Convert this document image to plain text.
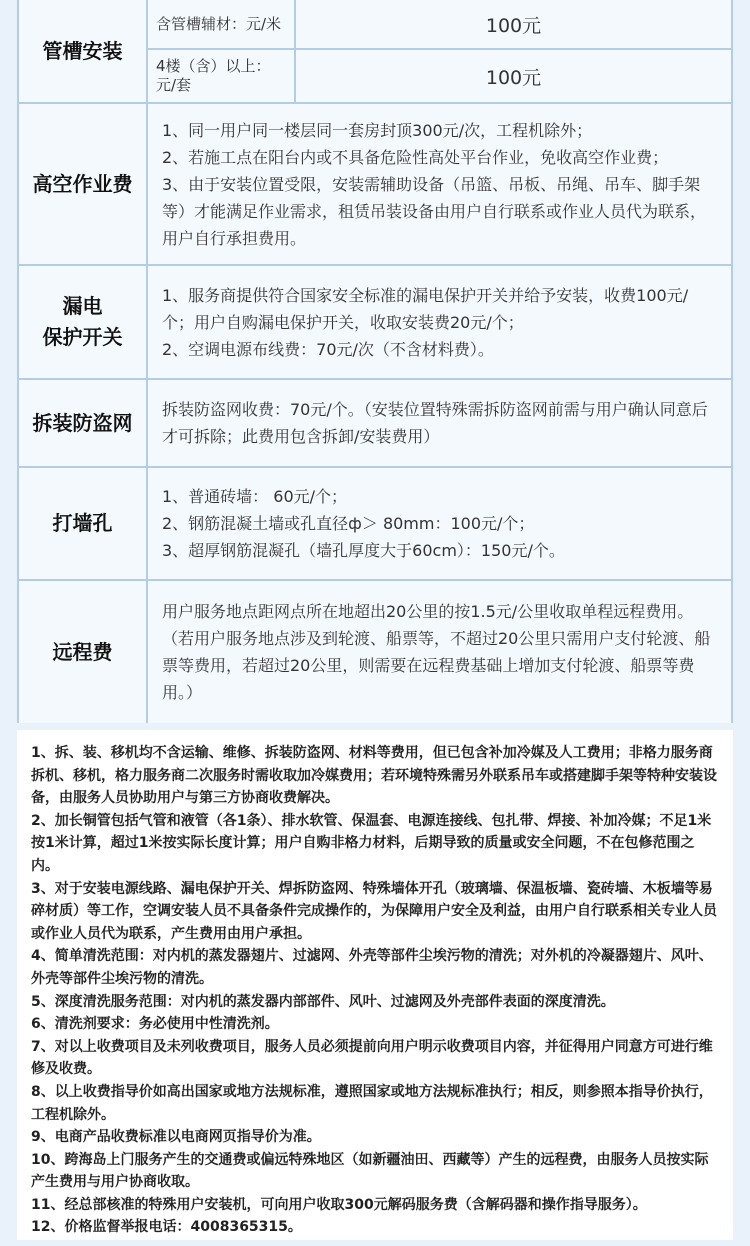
管槽安装
含管槽辅材：元/米	100元
4楼（含）以上：元/套	100元
高空作业费
1、同一用户同一楼层同一套房封顶300元/次，工程机除外；
2、若施工点在阳台内或不具备危险性高处平台作业，免收高空作业费；
3、由于安装位置受限，安装需辅助设备（吊篮、吊板、吊绳、吊车、脚手架等）才能满足作业需求，租赁吊装设备由用户自行联系或作业人员代为联系，用户自行承担费用。
漏电
保护开关
1、服务商提供符合国家安全标准的漏电保护开关并给予安装，收费100元/个；用户自购漏电保护开关，收取安装费20元/个；
2、空调电源布线费：70元/次（不含材料费）。
拆装防盗网
拆装防盗网收费：70元/个。（安装位置特殊需拆防盗网前需与用户确认同意后才可拆除；此费用包含拆卸/安装费用）
打墙孔
1、普通砖墙： 60元/个；
2、钢筋混凝土墙或孔直径ф＞ 80mm：100元/个；
3、超厚钢筋混凝孔（墙孔厚度大于60cm）：150元/个。
远程费
用户服务地点距网点所在地超出20公里的按1.5元/公里收取单程远程费用。（若用户服务地点涉及到轮渡、船票等，不超过20公里只需用户支付轮渡、船票等费用，若超过20公里，则需要在远程费基础上增加支付轮渡、船票等费用。）

1、拆、装、移机均不含运输、维修、拆装防盗网、材料等费用，但已包含补加冷媒及人工费用；非格力服务商拆机、移机，格力服务商二次服务时需收取加冷媒费用；若环境特殊需另外联系吊车或搭建脚手架等特种安装设备，由服务人员协助用户与第三方协商收费解决。

2、加长铜管包括气管和液管（各1条）、排水软管、保温套、电源连接线、包扎带、焊接、补加冷媒；不足1米按1米计算，超过1米按实际长度计算；用户自购非格力材料，后期导致的质量或安全问题，不在包修范围之内。

3、对于安装电源线路、漏电保护开关、焊拆防盗网、特殊墙体开孔（玻璃墙、保温板墙、瓷砖墙、木板墙等易碎材质）等工作，空调安装人员不具备条件完成操作的，为保障用户安全及利益，由用户自行联系相关专业人员或作业人员代为联系，产生费用由用户承担。

4、简单清洗范围：对内机的蒸发器翅片、过滤网、外壳等部件尘埃污物的清洗；对外机的冷凝器翅片、风叶、外壳等部件尘埃污物的清洗。

5、深度清洗服务范围：对内机的蒸发器内部部件、风叶、过滤网及外壳部件表面的深度清洗。

6、清洗剂要求：务必使用中性清洗剂。

7、对以上收费项目及未列收费项目，服务人员必须提前向用户明示收费项目内容，并征得用户同意方可进行维修及收费。

8、以上收费指导价如高出国家或地方法规标准，遵照国家或地方法规标准执行；相反，则参照本指导价执行，工程机除外。

9、电商产品收费标准以电商网页指导价为准。

10、跨海岛上门服务产生的交通费或偏远特殊地区（如新疆油田、西藏等）产生的远程费，由服务人员按实际产生费用与用户协商收取。

11、经总部核准的特殊用户安装机，可向用户收取300元解码服务费（含解码器和操作指导服务）。

12、价格监督举报电话：4008365315。
